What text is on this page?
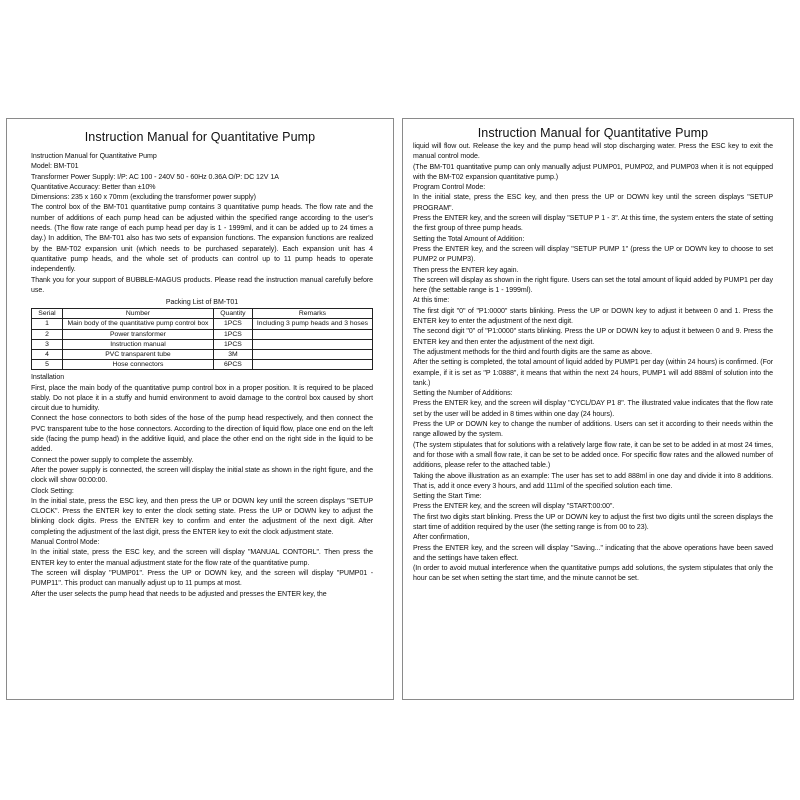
Instruction Manual for Quantitative Pump

Instruction Manual for Quantitative Pump

Model: BM-T01

Transformer Power Supply: I/P: AC 100 - 240V 50 - 60Hz 0.36A O/P: DC 12V 1A

Quantitative Accuracy: Better than ±10%

Dimensions: 235 x 160 x 70mm (excluding the transformer power supply)

The control box of the BM-T01 quantitative pump contains 3 quantitative pump heads. The flow rate and the number of additions of each pump head can be adjusted within the specified range according to the user's needs. (The flow rate range of each pump head per day is 1 - 1999ml, and it can be added up to 24 times a day.) In addition, The BM-T01 also has two sets of expansion functions. The expansion functions are realized by the BM-T02 expansion unit (which needs to be purchased separately). Each expansion unit has 4 quantitative pump heads, and the whole set of products can control up to 11 pump heads to operate independently.

Thank you for your support of BUBBLE-MAGUS products. Please read the instruction manual carefully before use.

Packing List of BM-T01
Serial	Number	Quantity	Remarks
1	Main body of the quantitative pump control box	1PCS	Including 3 pump heads and 3 hoses
2	Power transformer	1PCS	
3	Instruction manual	1PCS	
4	PVC transparent tube	3M	
5	Hose connectors	6PCS	

Installation

First, place the main body of the quantitative pump control box in a proper position. It is required to be placed stably. Do not place it in a stuffy and humid environment to avoid damage to the control box caused by short circuit due to humidity.

Connect the hose connectors to both sides of the hose of the pump head respectively, and then connect the PVC transparent tube to the hose connectors. According to the direction of liquid flow, place one end on the left side (facing the pump head) in the additive liquid, and place the other end on the right side in the liquid to be added.

Connect the power supply to complete the assembly.

After the power supply is connected, the screen will display the initial state as shown in the right figure, and the clock will show 00:00:00.

Clock Setting:

In the initial state, press the ESC key, and then press the UP or DOWN key until the screen displays "SETUP CLOCK". Press the ENTER key to enter the clock setting state. Press the UP or DOWN key to adjust the blinking clock digits. Press the ENTER key to confirm and enter the adjustment of the next digit. After completing the adjustment of the last digit, press the ENTER key to exit the clock adjustment state.

Manual Control Mode:

In the initial state, press the ESC key, and the screen will display "MANUAL CONTORL". Then press the ENTER key to enter the manual adjustment state for the flow rate of the quantitative pump.

The screen will display "PUMP01". Press the UP or DOWN key, and the screen will display "PUMP01 - PUMP11". This product can manually adjust up to 11 pumps at most.

After the user selects the pump head that needs to be adjusted and presses the ENTER key, the

Instruction Manual for Quantitative Pump

liquid will flow out. Release the key and the pump head will stop discharging water. Press the ESC key to exit the manual control mode.

(The BM-T01 quantitative pump can only manually adjust PUMP01, PUMP02, and PUMP03 when it is not equipped with the BM-T02 expansion quantitative pump.)

Program Control Mode:

In the initial state, press the ESC key, and then press the UP or DOWN key until the screen displays "SETUP PROGRAM".

Press the ENTER key, and the screen will display "SETUP P 1 - 3". At this time, the system enters the state of setting the first group of three pump heads.

Setting the Total Amount of Addition:

Press the ENTER key, and the screen will display "SETUP PUMP 1" (press the UP or DOWN key to choose to set PUMP2 or PUMP3).

Then press the ENTER key again.

The screen will display as shown in the right figure. Users can set the total amount of liquid added by PUMP1 per day here (the settable range is 1 - 1999ml).

At this time:

The first digit "0" of "P1:0000" starts blinking. Press the UP or DOWN key to adjust it between 0 and 1. Press the ENTER key to enter the adjustment of the next digit.

The second digit "0" of "P1:0000" starts blinking. Press the UP or DOWN key to adjust it between 0 and 9. Press the ENTER key and then enter the adjustment of the next digit.

The adjustment methods for the third and fourth digits are the same as above.

After the setting is completed, the total amount of liquid added by PUMP1 per day (within 24 hours) is confirmed. (For example, if it is set as "P 1:0888", it means that within the next 24 hours, PUMP1 will add 888ml of solution into the tank.)

Setting the Number of Additions:

Press the ENTER key, and the screen will display "CYCL/DAY P1 8". The illustrated value indicates that the flow rate set by the user will be added in 8 times within one day (24 hours).

Press the UP or DOWN key to change the number of additions. Users can set it according to their needs within the range allowed by the system.

(The system stipulates that for solutions with a relatively large flow rate, it can be set to be added in at most 24 times, and for those with a small flow rate, it can be set to be added once. For specific flow rates and the allowed number of additions, please refer to the attached table.)

Taking the above illustration as an example: The user has set to add 888ml in one day and divide it into 8 additions. That is, add it once every 3 hours, and add 111ml of the specified solution each time.

Setting the Start Time:

Press the ENTER key, and the screen will display "START:00:00".

The first two digits start blinking. Press the UP or DOWN key to adjust the first two digits until the screen displays the start time of addition required by the user (the setting range is from 00 to 23).

After confirmation,

Press the ENTER key, and the screen will display "Saving..." indicating that the above operations have been saved and the settings have taken effect.

(In order to avoid mutual interference when the quantitative pumps add solutions, the system stipulates that only the hour can be set when setting the start time, and the minute cannot be set.
